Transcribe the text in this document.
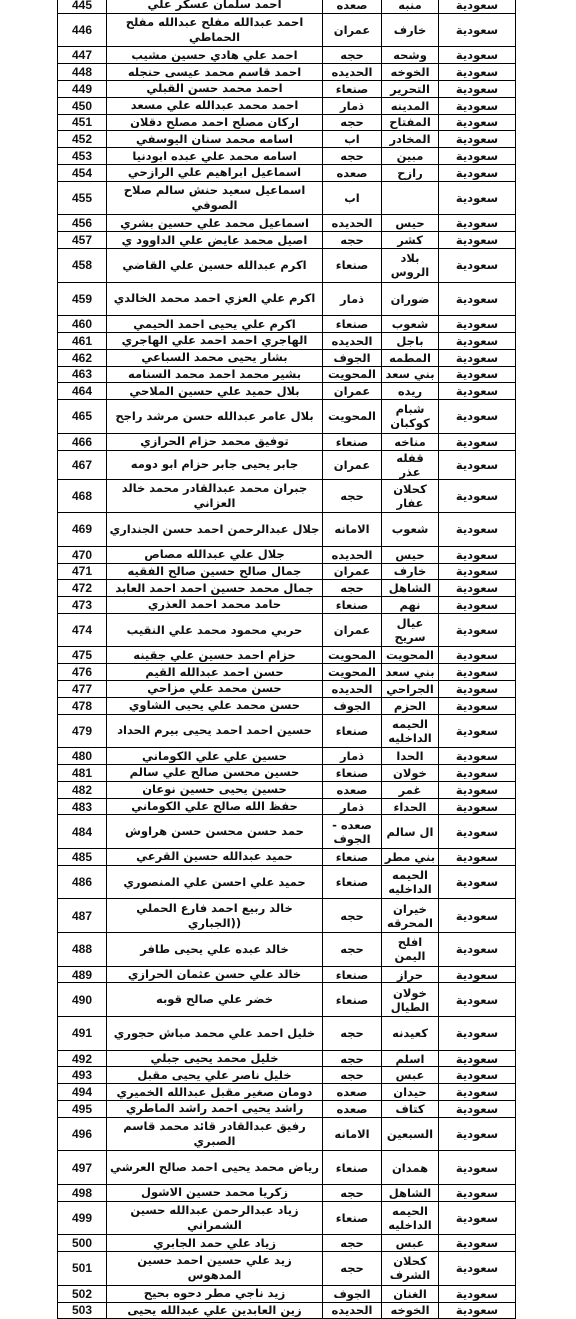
445	احمد سلمان عسكر علي	صعده	منبه	سعودية
446	احمد عبدالله مفلح عبدالله مفلح الحماطي	عمران	خارف	سعودية
447	احمد علي هادي حسين مشيب	حجه	وشحه	سعودية
448	احمد قاسم محمد عيسى حنجله	الحديده	الخوخه	سعودية
449	احمد محمد حسن القبلي	صنعاء	التحرير	سعودية
450	احمد محمد عبدالله علي مسعد	ذمار	المدينه	سعودية
451	اركان مصلح احمد مصلح دقلان	حجه	المفتاح	سعودية
452	اسامه محمد سنان اليوسفي	اب	المخادر	سعودية
453	اسامه محمد علي عبده ابودنيا	حجه	مبين	سعودية
454	اسماعيل ابراهيم علي الرازحي	صعده	رازح	سعودية
455	اسماعيل سعيد حنش سالم صلاح الصوفي	اب		سعودية
456	اسماعيل محمد علي حسين بشري	الحديده	حيس	سعودية
457	اصيل محمد عايض علي الداوود ي	حجه	كشر	سعودية
458	اكرم عبدالله حسين علي القاضي	صنعاء	بلاد الروس	سعودية
459	اكرم علي العزي احمد محمد الخالدي	ذمار	ضوران	سعودية
460	اكرم علي يحيى احمد الحيمي	صنعاء	شعوب	سعودية
461	الهاجري احمد احمد علي الهاجري	الحديده	باجل	سعودية
462	بشار يحيى محمد السباعي	الجوف	المطمه	سعودية
463	بشير محمد احمد محمد السنامه	المحويت	بني سعد	سعودية
464	بلال حميد علي حسين الملاحي	عمران	ريده	سعودية
465	بلال عامر عبدالله حسن مرشد راجح	المحويت	شبام كوكبان	سعودية
466	توفيق محمد حزام الحرازي	صنعاء	مناخه	سعودية
467	جابر يحيى جابر حزام ابو دومه	عمران	قفله عذر	سعودية
468	جبران محمد عبدالقادر محمد خالد العزاني	حجه	كحلان عفار	سعودية
469	جلال عبدالرحمن احمد حسن الجنداري	الامانه	شعوب	سعودية
470	جلال علي عبدالله مصاص	الحديده	حيس	سعودية
471	جمال صالح حسين صالح الفقيه	عمران	خارف	سعودية
472	جمال محمد حسين احمد احمد العابد	حجه	الشاهل	سعودية
473	حامد محمد احمد العذري	صنعاء	نهم	سعودية
474	حربي محمود محمد علي النقيب	عمران	عيال سريح	سعودية
475	حزام احمد حسين علي جقينه	المحويت	المحويت	سعودية
476	حسن احمد عبدالله القيم	المحويت	بني سعد	سعودية
477	حسن محمد علي مزاحي	الحديده	الجراحي	سعودية
478	حسن محمد علي يحيى الشاوي	الجوف	الحزم	سعودية
479	حسين احمد احمد يحيى بيرم الحداد	صنعاء	الحيمه الداخليه	سعودية
480	حسين علي علي الكوماني	ذمار	الحدا	سعودية
481	حسين محسن صالح علي سالم	صنعاء	خولان	سعودية
482	حسين يحيى حسين نوعان	صعده	غمر	سعودية
483	حفظ الله صالح علي الكوماني	ذمار	الحداء	سعودية
484	حمد حسن محسن حسن هراوش	صعده - الجوف	ال سالم	سعودية
485	حميد عبدالله حسين القرعي	صنعاء	بني مطر	سعودية
486	حميد علي احسن علي المنصوري	صنعاء	الحيمه الداخليه	سعودية
487	خالد ربيع احمد فارع الحملي ((الجباري	حجه	خيران المحرقه	سعودية
488	خالد عبده علي يحيى طافر	حجه	افلح اليمن	سعودية
489	خالد علي حسن عثمان الحرازي	صنعاء	حراز	سعودية
490	خضر علي صالح قوبه	صنعاء	خولان الطيال	سعودية
491	خليل احمد علي محمد مباش حجوري	حجه	كعيدنه	سعودية
492	خليل محمد يحيى جبلي	حجه	اسلم	سعودية
493	خليل ناصر علي يحيى مقبل	حجه	عبس	سعودية
494	دومان صغير مقبل عبدالله الخميري	صعده	حيدان	سعودية
495	راشد يحيى احمد راشد الماطري	صعده	كتاف	سعودية
496	رفيق عبدالقادر قائد محمد قاسم الصبري	الامانه	السبعين	سعودية
497	رياض محمد يحيى احمد صالح العرشي	صنعاء	همدان	سعودية
498	زكريا محمد حسين الاشول	حجه	الشاهل	سعودية
499	زياد عبدالرحمن عبدالله حسين الشمراني	صنعاء	الحيمه الداخليه	سعودية
500	زياد علي حمد الجابري	حجه	عبس	سعودية
501	زيد علي حسين احمد حسين المدهوس	حجه	كحلان الشرف	سعودية
502	زيد ناجي مطر دحوه بحيح	الجوف	الغنان	سعودية
503	زين العابدين علي عبدالله يحيى	الحديده	الخوخه	سعودية
